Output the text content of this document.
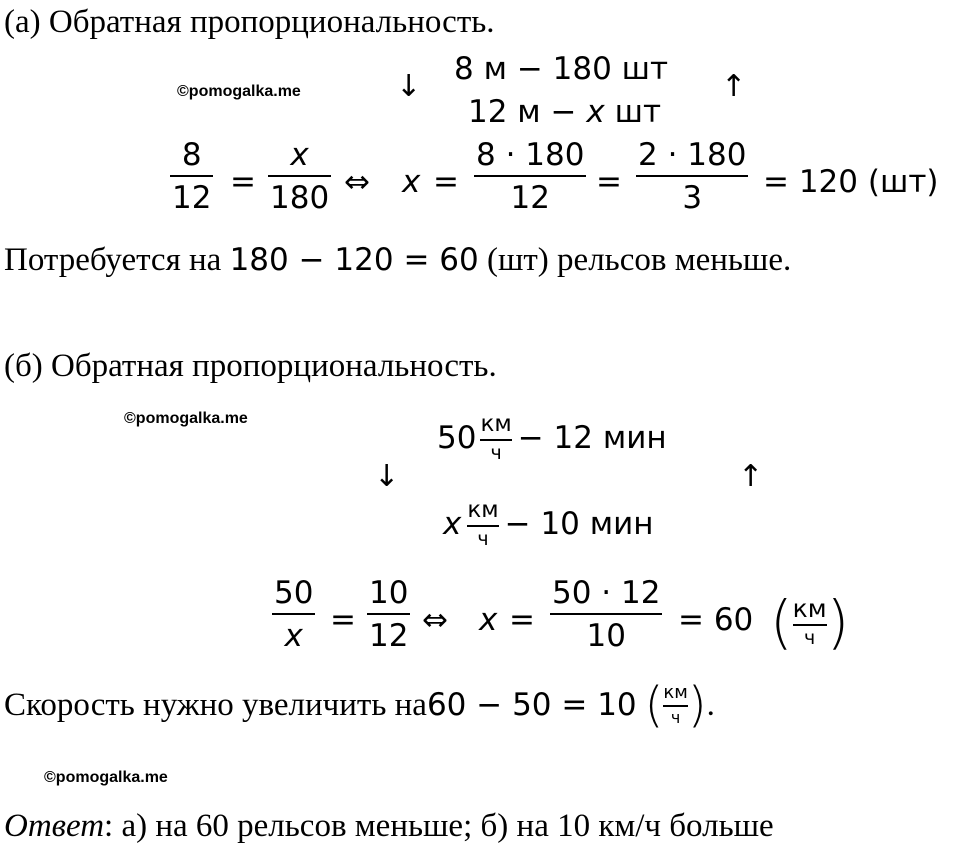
(а) Обратная пропорциональность.
©pomogalka.me	↓	↑
8 м − 180 шт
12 м − x шт
8
12 =
x
180 ⇔ x =
8 · 180
12 =
2 · 180
3 = 120 (шт)
Потребуется на 180 − 120 = 60 (шт) рельсов меньше.
(б) Обратная пропорциональность.
©pomogalka.me
↓	↑
50 км
ч − 12 мин
x км
ч − 10 мин
50
x =
10
12 ⇔ x =
50 · 12
10 = 60 ( км
ч )
Скорость нужно увеличить на 60 − 50 = 10 ( км
ч ) .
©pomogalka.me
Ответ: а) на 60 рельсов меньше; б) на 10 км/ч больше
